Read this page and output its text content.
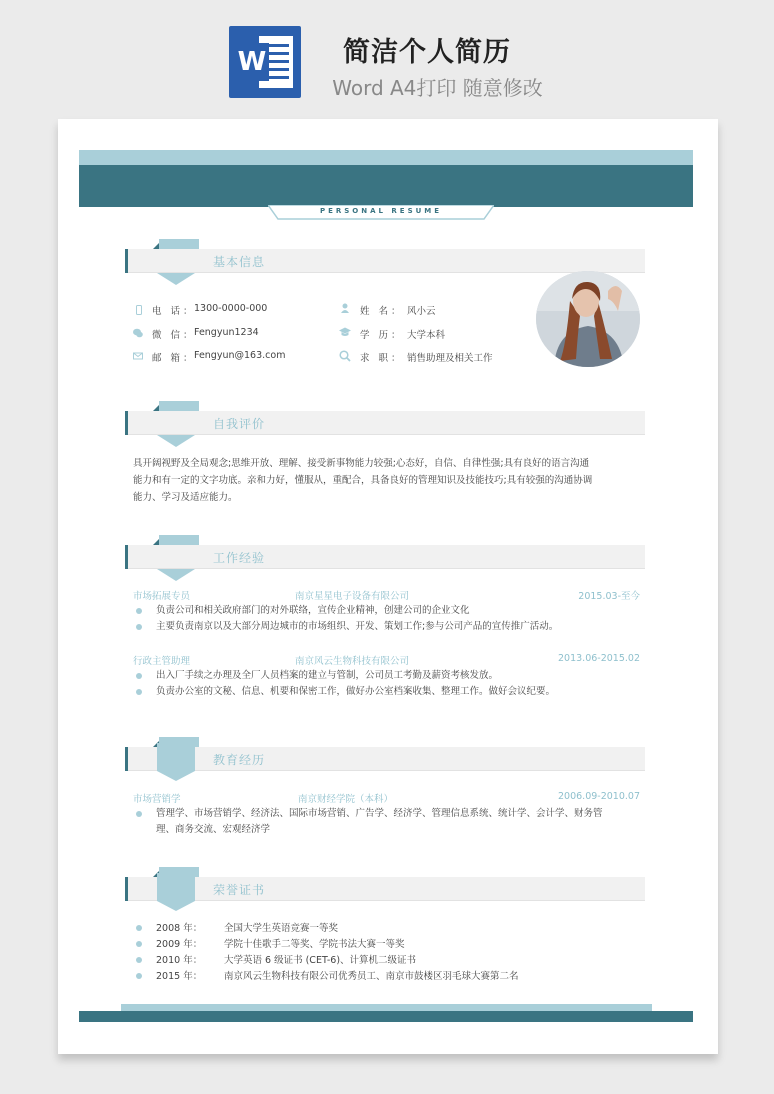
W	简洁个人简历
Word A4打印 随意修改
PERSONAL RESUME
基本信息
电 话：
1300-0000-000
微 信：
Fengyun1234
邮 箱：
Fengyun@163.com
姓 名： 风小云
学 历： 大学本科
求 职： 销售助理及相关工作
自我评价
具开阔视野及全局观念;思维开放、理解、接受新事物能力较强;心态好，自信、自律性强;具有良好的语言沟通
能力和有一定的文字功底。亲和力好，懂服从，重配合，具备良好的管理知识及技能技巧;具有较强的沟通协调
能力、学习及适应能力。
工作经验
市场拓展专员	南京星星电子设备有限公司	2015.03-至今
负责公司和相关政府部门的对外联络，宣传企业精神，创建公司的企业文化
主要负责南京以及大部分周边城市的市场组织、开发、策划工作;参与公司产品的宣传推广活动。
行政主管助理	南京风云生物科技有限公司	2013.06-2015.02
出入厂手续之办理及全厂人员档案的建立与管制，公司员工考勤及薪资考核发放。
负责办公室的文秘、信息、机要和保密工作，做好办公室档案收集、整理工作。做好会议纪要。
教育经历
市场营销学	南京财经学院（本科）	2006.09-2010.07
管理学、市场营销学、经济法、国际市场营销、广告学、经济学、管理信息系统、统计学、会计学、财务管
理、商务交流、宏观经济学
荣誉证书
2008 年： 全国大学生英语竞赛一等奖
2009 年： 学院十佳歌手二等奖、学院书法大赛一等奖
2010 年： 大学英语 6 级证书 (CET-6)、计算机二级证书
2015 年： 南京风云生物科技有限公司优秀员工、南京市鼓楼区羽毛球大赛第二名
